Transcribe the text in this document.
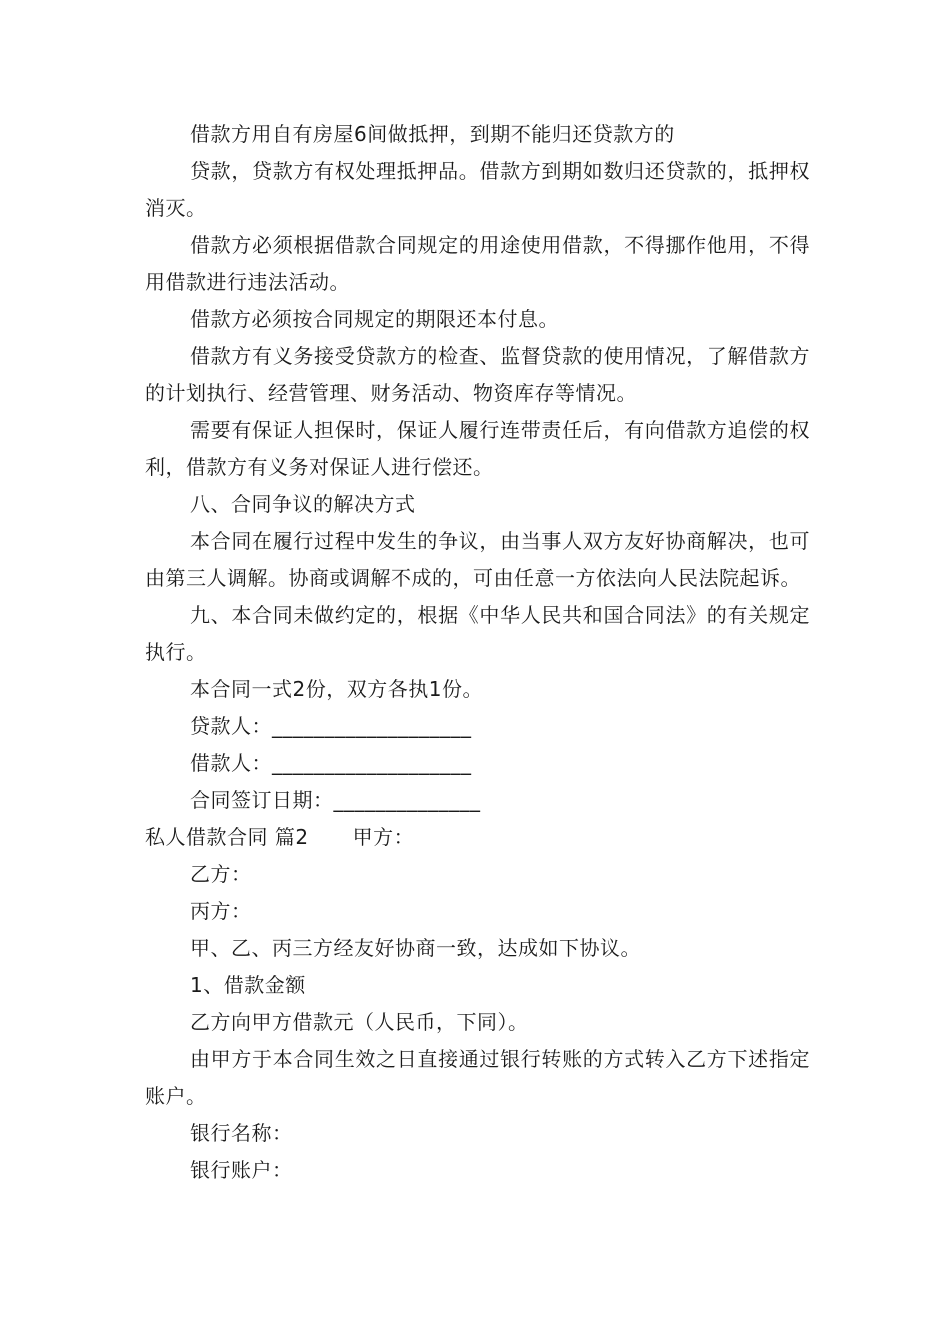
借款方用自有房屋6间做抵押，到期不能归还贷款方的

贷款，贷款方有权处理抵押品。借款方到期如数归还贷款的，抵押权消灭。

借款方必须根据借款合同规定的用途使用借款，不得挪作他用，不得用借款进行违法活动。

借款方必须按合同规定的期限还本付息。

借款方有义务接受贷款方的检查、监督贷款的使用情况，了解借款方的计划执行、经营管理、财务活动、物资库存等情况。

需要有保证人担保时，保证人履行连带责任后，有向借款方追偿的权利，借款方有义务对保证人进行偿还。

八、合同争议的解决方式

本合同在履行过程中发生的争议，由当事人双方友好协商解决，也可由第三人调解。协商或调解不成的，可由任意一方依法向人民法院起诉。

九、本合同未做约定的，根据《中华人民共和国合同法》的有关规定执行。

本合同一式2份，双方各执1份。

贷款人：___________________

借款人：___________________

合同签订日期：______________

私人借款合同 篇2 甲方：

乙方：

丙方：

甲、乙、丙三方经友好协商一致，达成如下协议。

1、借款金额

乙方向甲方借款元（人民币，下同）。

由甲方于本合同生效之日直接通过银行转账的方式转入乙方下述指定账户。

银行名称：

银行账户：
